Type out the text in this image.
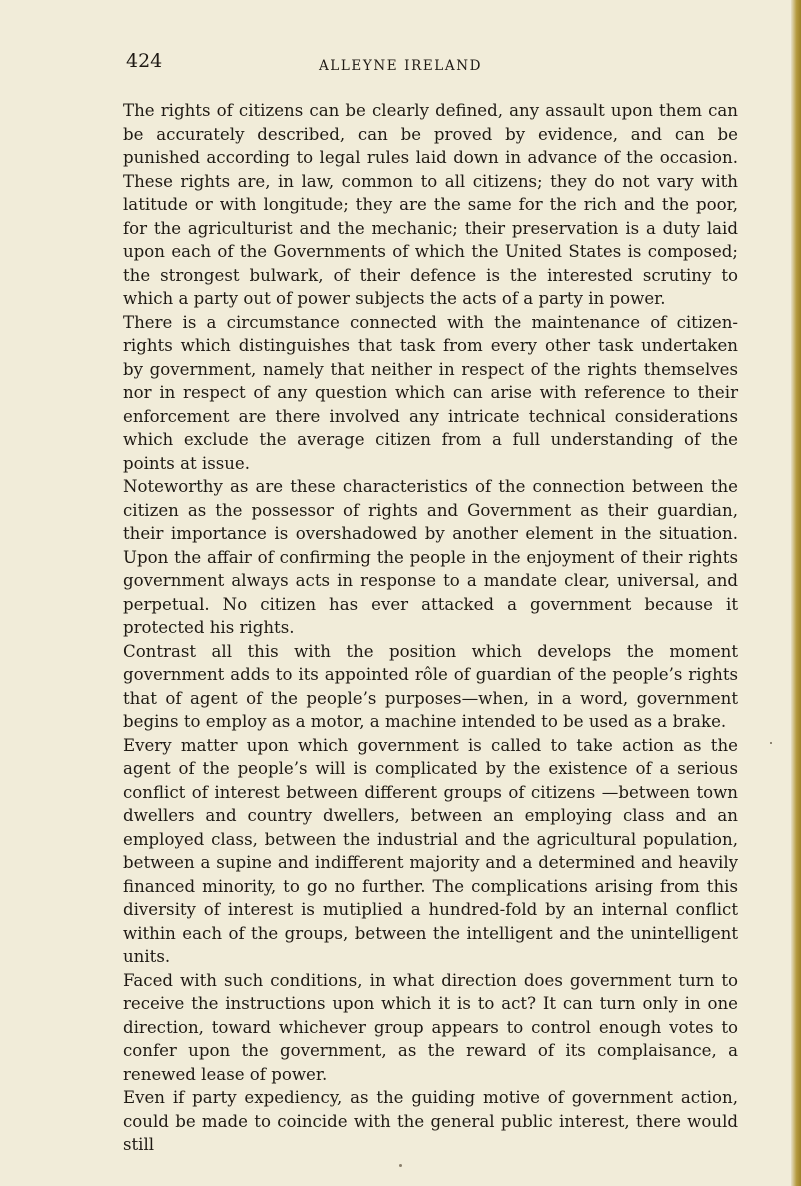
424	ALLEYNE IRELAND

The rights of citizens can be clearly defined, any assault upon them can be accurately described, can be proved by evidence, and can be punished according to legal rules laid down in advance of the occasion. These rights are, in law, common to all citizens; they do not vary with latitude or with longitude; they are the same for the rich and the poor, for the agriculturist and the mechanic; their preservation is a duty laid upon each of the Governments of which the United States is composed; the strongest bulwark, of their defence is the interested scrutiny to which a party out of power subjects the acts of a party in power.

There is a circumstance connected with the maintenance of citizen-rights which distinguishes that task from every other task undertaken by government, namely that neither in respect of the rights themselves nor in respect of any question which can arise with reference to their enforcement are there involved any intricate technical considerations which exclude the average citizen from a full understanding of the points at issue.

Noteworthy as are these characteristics of the connection between the citizen as the possessor of rights and Government as their guardian, their importance is overshadowed by another element in the situation. Upon the affair of confirming the people in the enjoyment of their rights government always acts in response to a mandate clear, universal, and perpetual. No citizen has ever attacked a government because it protected his rights.

Contrast all this with the position which develops the moment government adds to its appointed rôle of guardian of the people’s rights that of agent of the people’s purposes—when, in a word, government begins to employ as a motor, a machine intended to be used as a brake.

Every matter upon which government is called to take action as the agent of the people’s will is complicated by the existence of a serious conflict of interest between different groups of citizens —between town dwellers and country dwellers, between an employing class and an employed class, between the industrial and the agricultural population, between a supine and indifferent majority and a determined and heavily financed minority, to go no further. The complications arising from this diversity of interest is mutiplied a hundred-fold by an internal conflict within each of the groups, between the intelligent and the unintelligent units.

Faced with such conditions, in what direction does government turn to receive the instructions upon which it is to act? It can turn only in one direction, toward whichever group appears to control enough votes to confer upon the government, as the reward of its complaisance, a renewed lease of power.

Even if party expediency, as the guiding motive of government action, could be made to coincide with the general public interest, there would still
